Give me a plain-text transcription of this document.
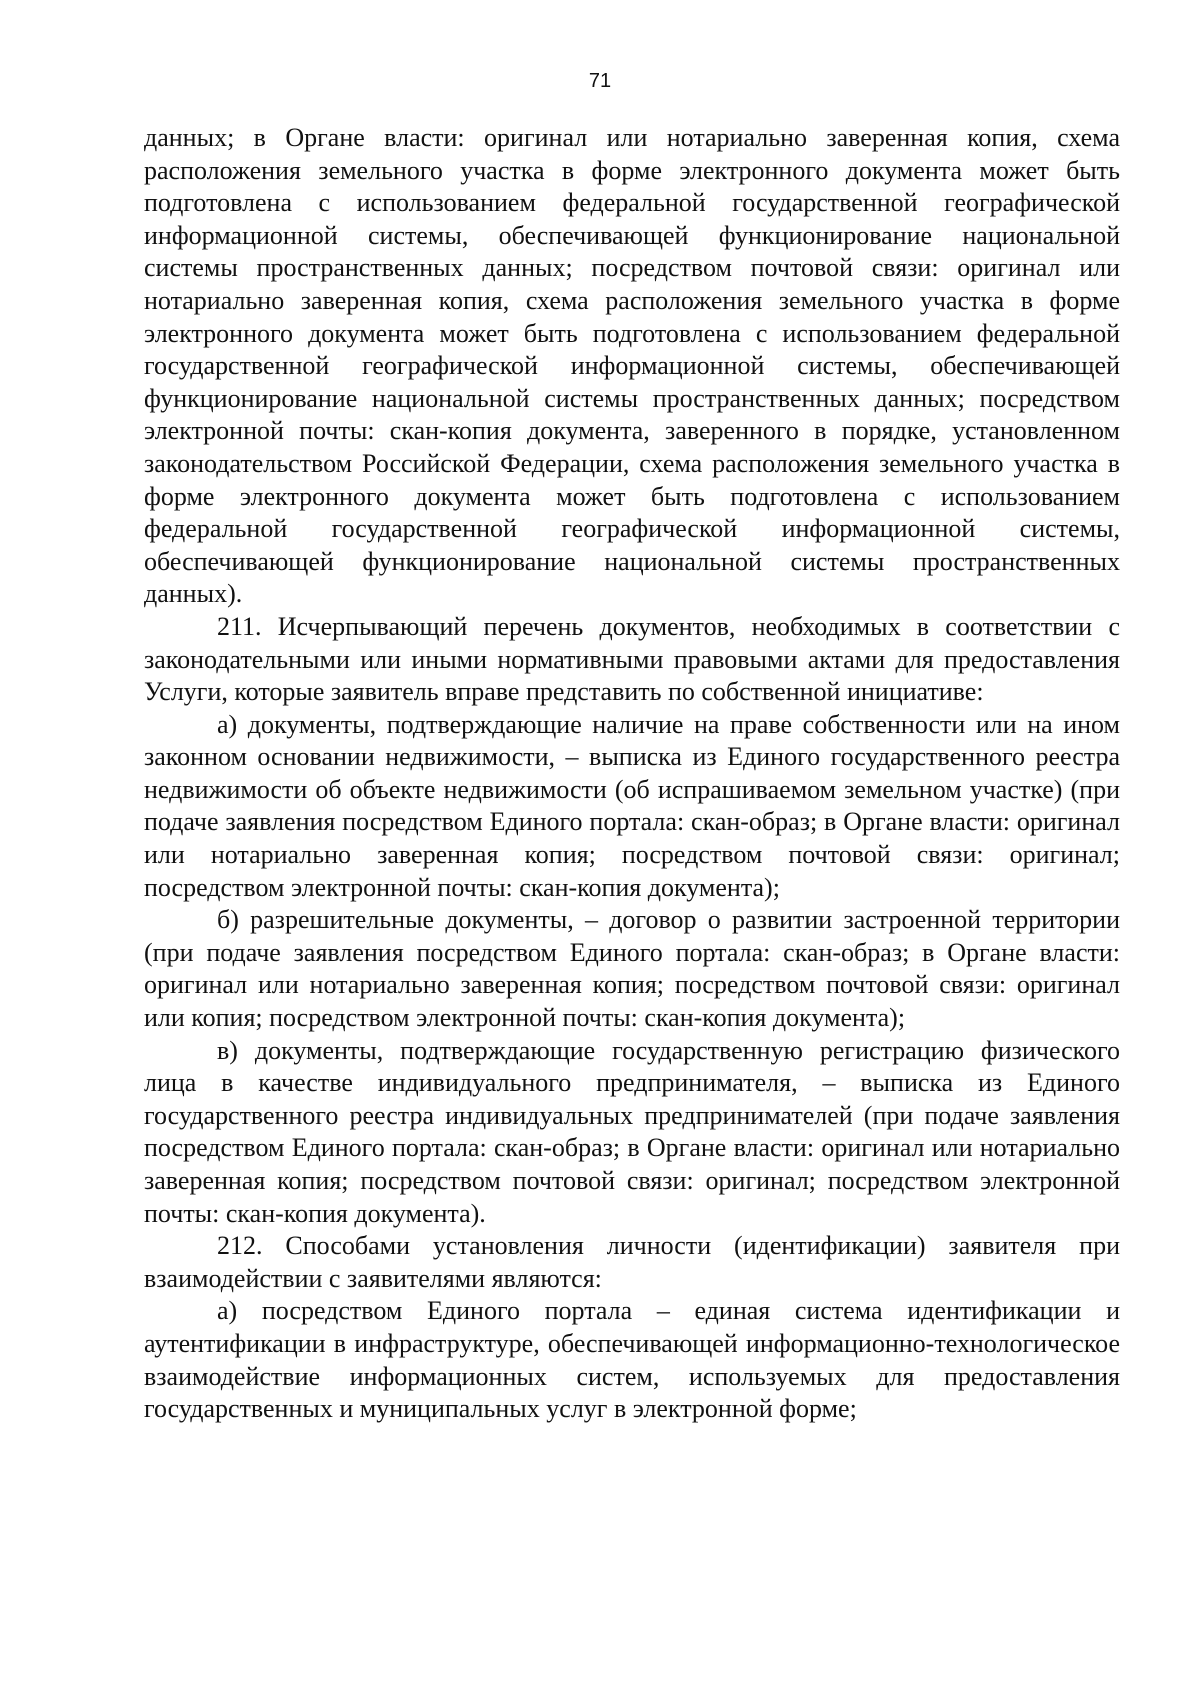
71

данных; в Органе власти: оригинал или нотариально заверенная копия, схема расположения земельного участка в форме электронного документа может быть подготовлена с использованием федеральной государственной географической информационной системы, обеспечивающей функционирование национальной системы пространственных данных; посредством почтовой связи: оригинал или нотариально заверенная копия, схема расположения земельного участка в форме электронного документа может быть подготовлена с использованием федеральной государственной географической информационной системы, обеспечивающей функционирование национальной системы пространственных данных; посредством электронной почты: скан-копия документа, заверенного в порядке, установленном законодательством Российской Федерации, схема расположения земельного участка в форме электронного документа может быть подготовлена с использованием федеральной государственной географической информационной системы, обеспечивающей функционирование национальной системы пространственных данных).

211. Исчерпывающий перечень документов, необходимых в соответствии с законодательными или иными нормативными правовыми актами для предоставления Услуги, которые заявитель вправе представить по собственной инициативе:

а) документы, подтверждающие наличие на праве собственности или на ином законном основании недвижимости, – выписка из Единого государственного реестра недвижимости об объекте недвижимости (об испрашиваемом земельном участке) (при подаче заявления посредством Единого портала: скан-образ; в Органе власти: оригинал или нотариально заверенная копия; посредством почтовой связи: оригинал; посредством электронной почты: скан-копия документа);

б) разрешительные документы, – договор о развитии застроенной территории (при подаче заявления посредством Единого портала: скан-образ; в Органе власти: оригинал или нотариально заверенная копия; посредством почтовой связи: оригинал или копия; посредством электронной почты: скан-копия документа);

в) документы, подтверждающие государственную регистрацию физического лица в качестве индивидуального предпринимателя, – выписка из Единого государственного реестра индивидуальных предпринимателей (при подаче заявления посредством Единого портала: скан-образ; в Органе власти: оригинал или нотариально заверенная копия; посредством почтовой связи: оригинал; посредством электронной почты: скан-копия документа).

212. Способами установления личности (идентификации) заявителя при взаимодействии с заявителями являются:

а) посредством Единого портала – единая система идентификации и аутентификации в инфраструктуре, обеспечивающей информационно-технологическое взаимодействие информационных систем, используемых для предоставления государственных и муниципальных услуг в электронной форме;
